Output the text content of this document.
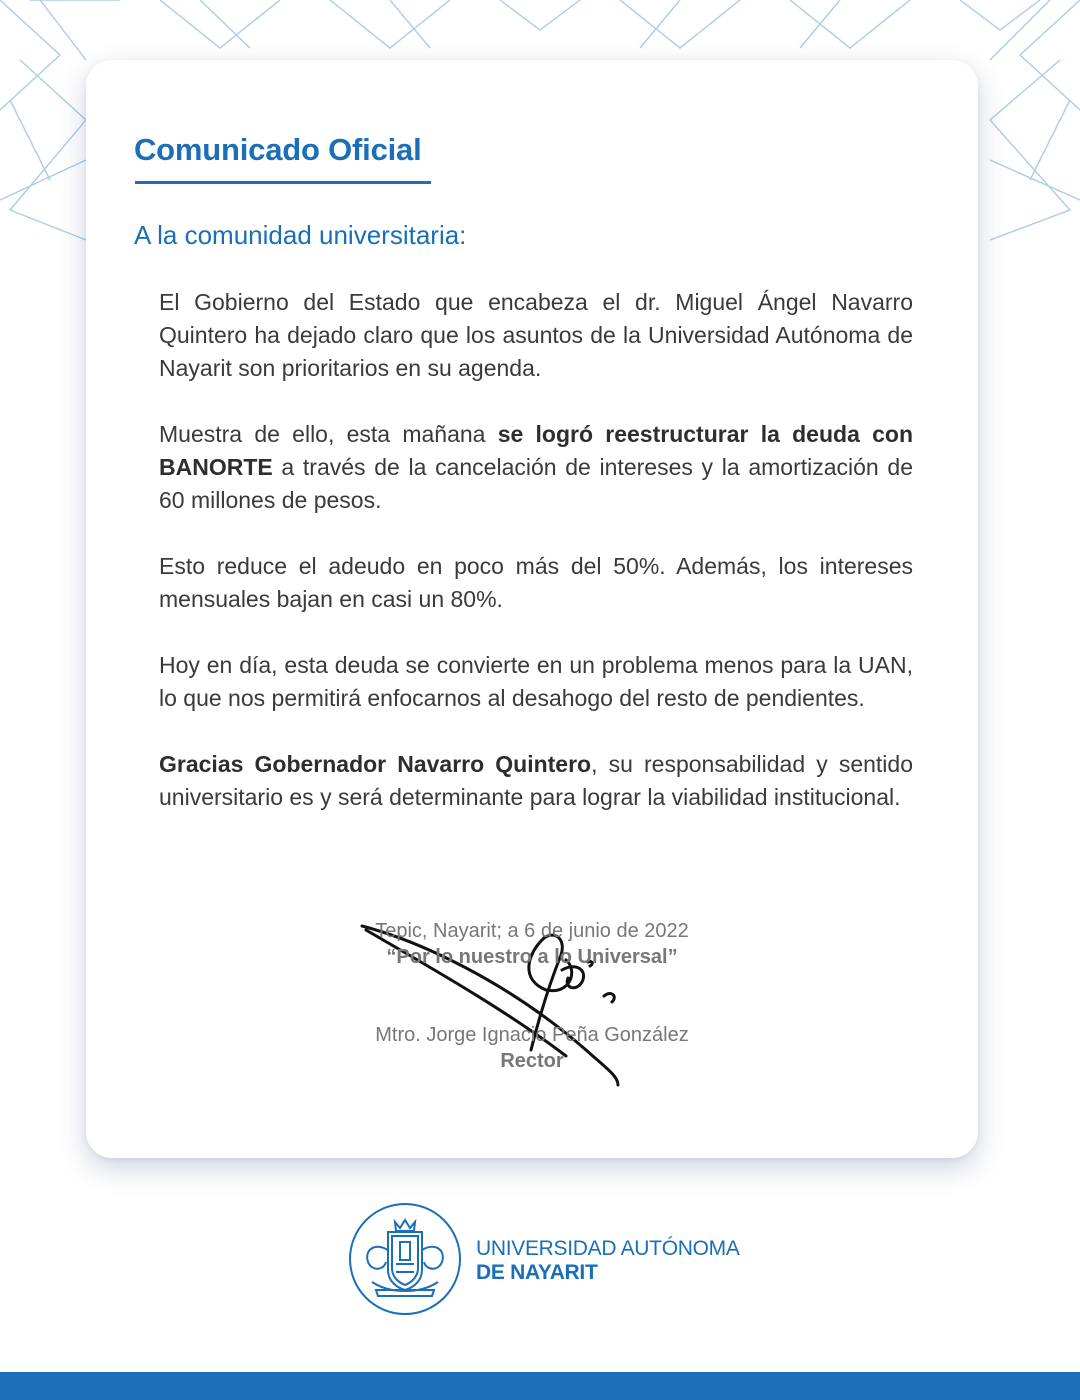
Comunicado Oficial
A la comunidad universitaria:

El Gobierno del Estado que encabeza el dr. Miguel Ángel Navarro Quintero ha dejado claro que los asuntos de la Universidad Autónoma de Nayarit son prioritarios en su agenda.

Muestra de ello, esta mañana se logró reestructurar la deuda con BANORTE a través de la cancelación de intereses y la amortización de 60 millones de pesos.

Esto reduce el adeudo en poco más del 50%. Además, los intereses mensuales bajan en casi un 80%.

Hoy en día, esta deuda se convierte en un problema menos para la UAN, lo que nos permitirá enfocarnos al desahogo del resto de pendientes.

Gracias Gobernador Navarro Quintero, su responsabilidad y sentido universitario es y será determinante para lograr la viabilidad institucional.

Tepic, Nayarit; a 6 de junio de 2022

“Por lo nuestro a lo Universal”

Mtro. Jorge Ignacio Peña González

Rector

UNIVERSIDAD AUTÓNOMA
DE NAYARIT
